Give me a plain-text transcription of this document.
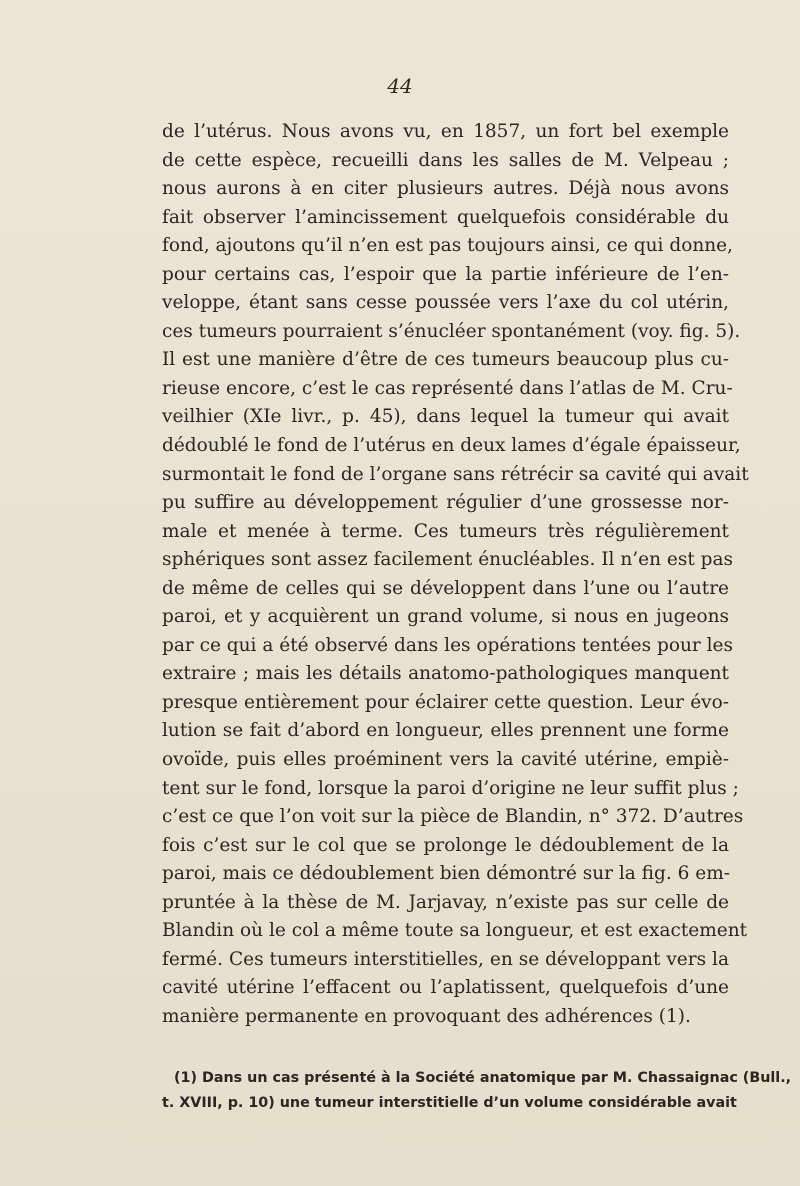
44
de l’utérus. Nous avons vu, en 1857, un fort bel exemple
de cette espèce, recueilli dans les salles de M. Velpeau ;
nous aurons à en citer plusieurs autres. Déjà nous avons
fait observer l’amincissement quelquefois considérable du
fond, ajoutons qu’il n’en est pas toujours ainsi, ce qui donne,
pour certains cas, l’espoir que la partie inférieure de l’en-
veloppe, étant sans cesse poussée vers l’axe du col utérin,
ces tumeurs pourraient s’énucléer spontanément (voy. fig. 5).
Il est une manière d’être de ces tumeurs beaucoup plus cu-
rieuse encore, c’est le cas représenté dans l’atlas de M. Cru-
veilhier (XIe livr., p. 45), dans lequel la tumeur qui avait
dédoublé le fond de l’utérus en deux lames d’égale épaisseur,
surmontait le fond de l’organe sans rétrécir sa cavité qui avait
pu suffire au développement régulier d’une grossesse nor-
male et menée à terme. Ces tumeurs très régulièrement
sphériques sont assez facilement énucléables. Il n’en est pas
de même de celles qui se développent dans l’une ou l’autre
paroi, et y acquièrent un grand volume, si nous en jugeons
par ce qui a été observé dans les opérations tentées pour les
extraire ; mais les détails anatomo-pathologiques manquent
presque entièrement pour éclairer cette question. Leur évo-
lution se fait d’abord en longueur, elles prennent une forme
ovoïde, puis elles proéminent vers la cavité utérine, empiè-
tent sur le fond, lorsque la paroi d’origine ne leur suffit plus ;
c’est ce que l’on voit sur la pièce de Blandin, n° 372. D’autres
fois c’est sur le col que se prolonge le dédoublement de la
paroi, mais ce dédoublement bien démontré sur la fig. 6 em-
pruntée à la thèse de M. Jarjavay, n’existe pas sur celle de
Blandin où le col a même toute sa longueur, et est exactement
fermé. Ces tumeurs interstitielles, en se développant vers la
cavité utérine l’effacent ou l’aplatissent, quelquefois d’une
manière permanente en provoquant des adhérences (1).
(1) Dans un cas présenté à la Société anatomique par M. Chassaignac (Bull.,
t. XVIII, p. 10) une tumeur interstitielle d’un volume considérable avait
